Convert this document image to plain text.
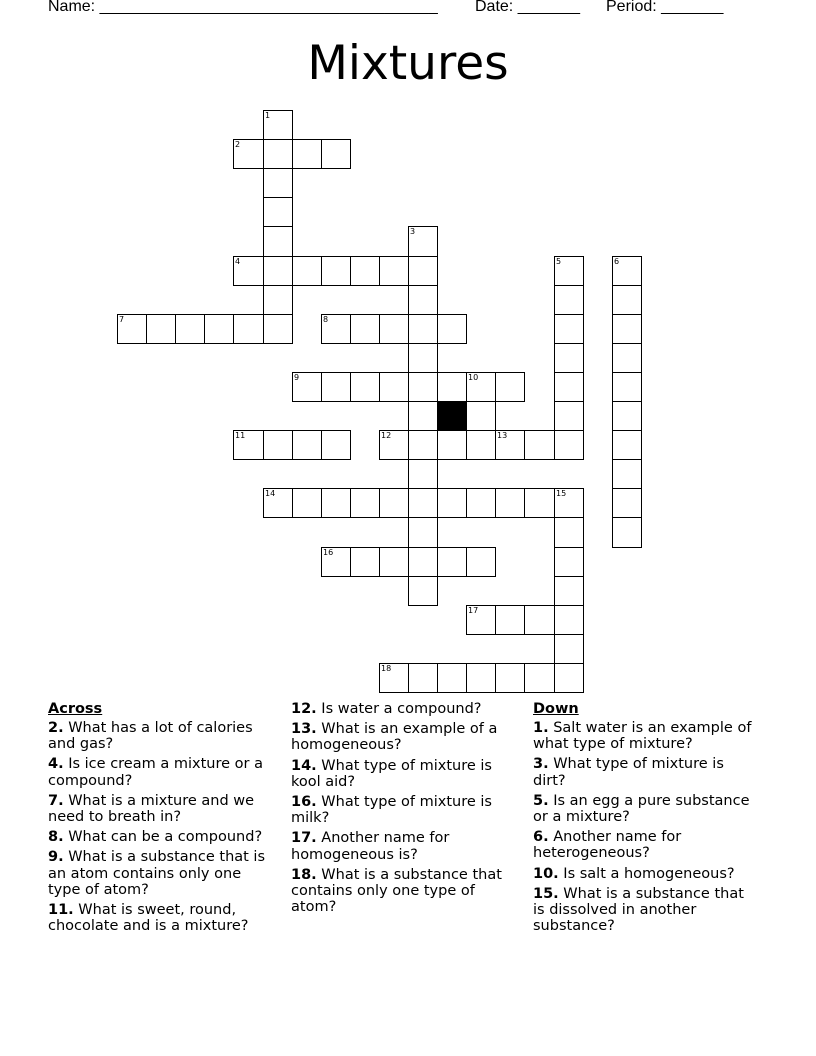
Name: ______________________________________ Date: _______ Period: _______
Mixtures
1
2
3
4	5	6
7	8
9	10
11	12	13
14	15
16
17
18
Across
2. What has a lot of calories and gas?
4. Is ice cream a mixture or a compound?
7. What is a mixture and we need to breath in?
8. What can be a compound?
9. What is a substance that is an atom contains only one type of atom?
11. What is sweet, round, chocolate and is a mixture?
12. Is water a compound?
13. What is an example of a homogeneous?
14. What type of mixture is kool aid?
16. What type of mixture is milk?
17. Another name for homogeneous is?
18. What is a substance that contains only one type of atom?
Down
1. Salt water is an example of what type of mixture?
3. What type of mixture is dirt?
5. Is an egg a pure substance or a mixture?
6. Another name for heterogeneous?
10. Is salt a homogeneous?
15. What is a substance that is dissolved in another substance?
